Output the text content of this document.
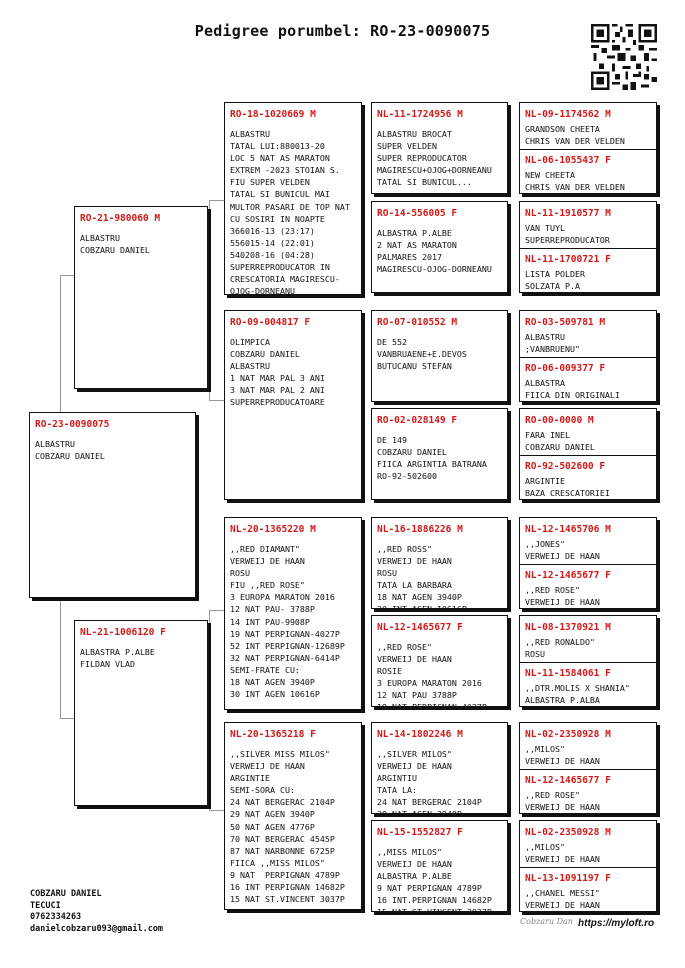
Pedigree porumbel: RO-23-0090075
RO-23-0090075
ALBASTRU
COBZARU DANIEL
RO-21-980060 M
ALBASTRU
COBZARU DANIEL
NL-21-1006120 F
ALBASTRA P.ALBE
FILDAN VLAD
RO-18-1020669 M
ALBASTRU
TATAL LUI:880013-20
LOC 5 NAT AS MARATON
EXTREM -2023 STOIAN S.
FIU SUPER VELDEN
TATAL SI BUNICUL MAI
MULTOR PASARI DE TOP NAT
CU SOSIRI IN NOAPTE
366016-13 (23:17)
556015-14 (22:01)
540208-16 (04:28)
SUPERREPRODUCATOR IN
CRESCATORIA MAGIRESCU-
OJOG-DORNEANU
RO-09-004817 F
OLIMPICA
COBZARU DANIEL
ALBASTRU
1 NAT MAR PAL 3 ANI
3 NAT MAR PAL 2 ANI
SUPERREPRODUCATOARE
NL-20-1365220 M
,,RED DIAMANT"
VERWEIJ DE HAAN
ROSU
FIU ,,RED ROSE"
3 EUROPA MARATON 2016
12 NAT PAU- 3788P
14 INT PAU-9908P
19 NAT PERPIGNAN-4027P
52 INT PERPIGNAN-12689P
32 NAT PERPIGNAN-6414P
SEMI-FRATE CU:
18 NAT AGEN 3940P
30 INT AGEN 10616P
NL-20-1365218 F
,,SILVER MISS MILOS"
VERWEIJ DE HAAN
ARGINTIE
SEMI-SORA CU:
24 NAT BERGERAC 2104P
29 NAT AGEN 3940P
50 NAT AGEN 4776P
70 NAT BERGERAC 4545P
87 NAT NARBONNE 6725P
FIICA ,,MISS MILOS"
9 NAT  PERPIGNAN 4789P
16 INT PERPIGNAN 14682P
15 NAT ST.VINCENT 3037P
NL-11-1724956 M
ALBASTRU BROCAT
SUPER VELDEN
SUPER REPRODUCATOR
MAGIRESCU+OJOG+DORNEANU
TATAL SI BUNICUL...
RO-14-556005 F
ALBASTRA P.ALBE
2 NAT AS MARATON
PALMARES 2017
MAGIRESCU-OJOG-DORNEANU
RO-07-010552 M
DE 552
VANBRUAENE+E.DEVOS
BUTUCANU STEFAN
RO-02-028149 F
DE 149
COBZARU DANIEL
FIICA ARGINTIA BATRANA
RO-92-502600
NL-16-1886226 M
,,RED ROSS"
VERWEIJ DE HAAN
ROSU
TATA LA BARBARA
18 NAT AGEN 3940P
30 INT AGEN 10616P
NL-12-1465677 F
,,RED ROSE"
VERWEIJ DE HAAN
ROSIE
3 EUROPA MARATON 2016
12 NAT PAU 3788P
19 NAT PERPIGNAN 4027P
NL-14-1802246 M
,,SILVER MILOS"
VERWEIJ DE HAAN
ARGINTIU
TATA LA:
24 NAT BERGERAC 2104P
29 NAT AGEN 3940P
NL-15-1552827 F
,,MISS MILOS"
VERWEIJ DE HAAN
ALBASTRA P.ALBE
9 NAT PERPIGNAN 4789P
16 INT.PERPIGNAN 14682P
15 NAT ST.VINCENT 3037P
NL-09-1174562 M
GRANDSON CHEETA
CHRIS VAN DER VELDEN
NL-06-1055437 F
NEW CHEETA
CHRIS VAN DER VELDEN
NL-11-1910577 M
VAN TUYL
SUPERREPRODUCATOR
NL-11-1700721 F
LISTA POLDER
SOLZATA P.A
RO-03-509781 M
ALBASTRU
;VANBRUENU"
RO-06-009377 F
ALBASTRA
FIICA DIN ORIGINALI
RO-00-0000 M
FARA INEL
COBZARU DANIEL
RO-92-502600 F
ARGINTIE
BAZA CRESCATORIEI
NL-12-1465706 M
,,JONES"
VERWEIJ DE HAAN
NL-12-1465677 F
,,RED ROSE"
VERWEIJ DE HAAN
NL-08-1370921 M
,,RED RONALDO"
ROSU
NL-11-1584061 F
,,DTR.MOLIS X SHANIA"
ALBASTRA P.ALBA
NL-02-2350928 M
,,MILOS"
VERWEIJ DE HAAN
NL-12-1465677 F
,,RED ROSE"
VERWEIJ DE HAAN
NL-02-2350928 M
,,MILOS"
VERWEIJ DE HAAN
NL-13-1091197 F
,,CHANEL MESSI"
VERWEIJ DE HAAN
COBZARU DANIEL
TECUCI
0762334263
danielcobzaru093@gmail.com
Cobzaru Dan https://myloft.ro
